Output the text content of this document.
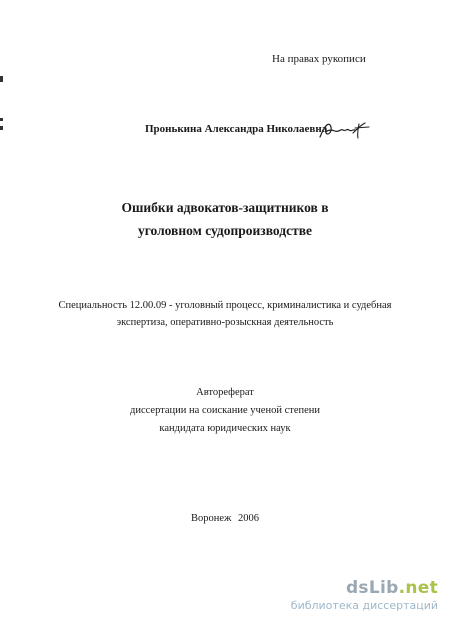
На правах рукописи
Пронькина Александра Николаевна
Ошибки адвокатов-защитников в
уголовном судопроизводстве
Специальность 12.00.09 - уголовный процесс, криминалистика и судебная
экспертиза, оперативно-розыскная деятельность
Автореферат
диссертации на соискание ученой степени
кандидата юридических наук
Воронеж 2006
dsLib.net
библиотека диссертаций
